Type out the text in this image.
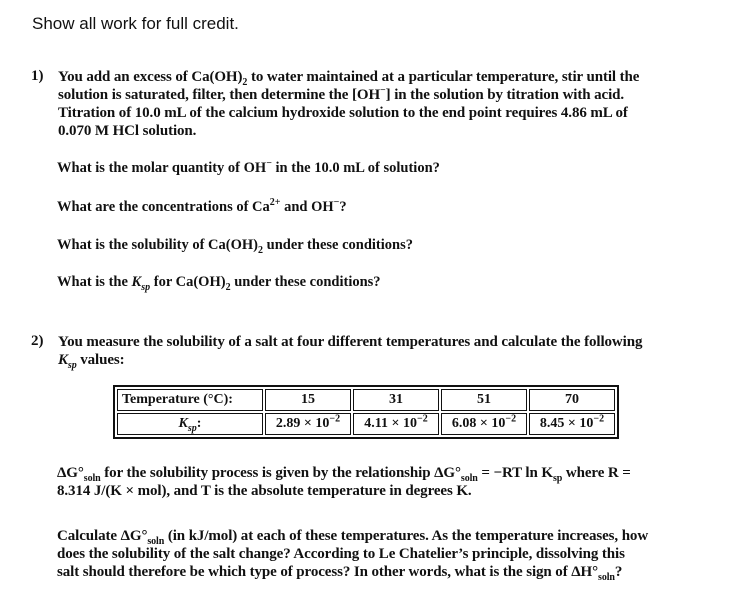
Show all work for full credit.
1) You add an excess of $Ca(OH)_2$ to water maintained at a particular temperature, stir until the
solution is saturated, filter, then determine the [OH−] in the solution by titration with acid.
Titration of 10.0 mL of the calcium hydroxide solution to the end point requires 4.86 mL of
0.070 M HCl solution.
What is the molar quantity of OH− in the 10.0 mL of solution?
What are the concentrations of $Ca^{2+}$ and OH−?
What is the solubility of $Ca(OH)_2$ under these conditions?
What is the $K_{sp}$ for $Ca(OH)_2$ under these conditions?
2) You measure the solubility of a salt at four different temperatures and calculate the following
$K_{sp}$ values:
Temperature (°C):	15	31	51	70
$K_{sp}$:	$2.89 \times 10^{-2}$	$4.11 \times 10^{-2}$	$6.08 \times 10^{-2}$	$8.45 \times 10^{-2}$
$\Delta G^\circ_{soln}$ for the solubility process is given by the relationship $\Delta G^\circ_{soln} = -RT$ $\ln K_{sp}$ where R =
8.314 J/(K × mol), and T is the absolute temperature in degrees K.
Calculate $\Delta G^\circ_{soln}$ (in kJ/mol) at each of these temperatures. As the temperature increases, how
does the solubility of the salt change? According to Le Chatelier’s principle, dissolving this
salt should therefore be which type of process? In other words, what is the sign of $\Delta H^\circ_{soln}$?
